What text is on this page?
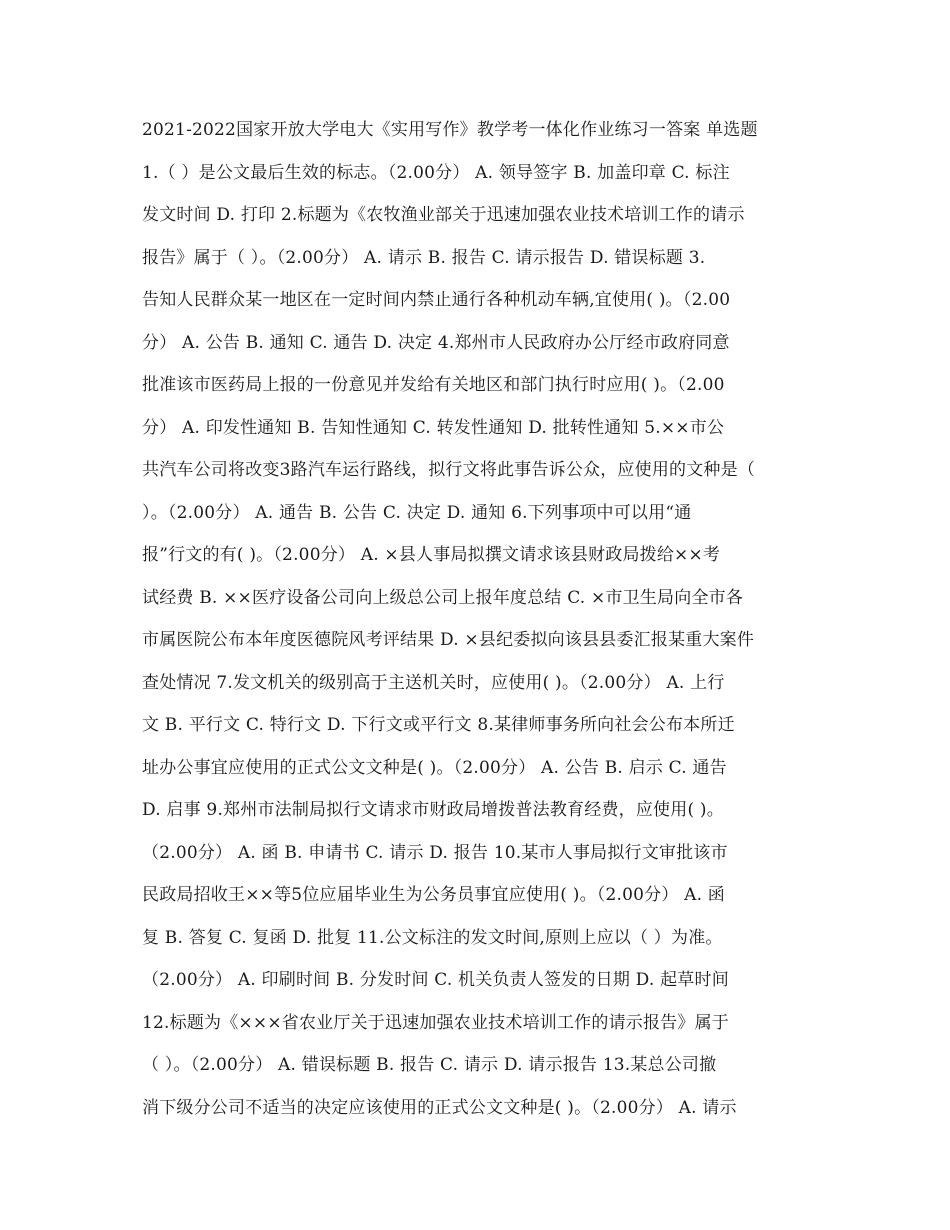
2021-2022国家开放大学电大《实用写作》教学考一体化作业练习一答案 单选题
1.（ ）是公文最后生效的标志。（2.00分） A. 领导签字 B. 加盖印章 C. 标注
发文时间 D. 打印 2.标题为《农牧渔业部关于迅速加强农业技术培训工作的请示
报告》属于（ ）。（2.00分） A. 请示 B. 报告 C. 请示报告 D. 错误标题 3.
告知人民群众某一地区在一定时间内禁止通行各种机动车辆,宜使用( )。（2.00
分） A. 公告 B. 通知 C. 通告 D. 决定 4.郑州市人民政府办公厅经市政府同意
批准该市医药局上报的一份意见并发给有关地区和部门执行时应用( )。（2.00
分） A. 印发性通知 B. 告知性通知 C. 转发性通知 D. 批转性通知 5.××市公
共汽车公司将改变3路汽车运行路线，拟行文将此事告诉公众，应使用的文种是（
）。（2.00分） A. 通告 B. 公告 C. 决定 D. 通知 6.下列事项中可以用“通
报”行文的有( )。（2.00分） A. ×县人事局拟撰文请求该县财政局拨给××考
试经费 B. ××医疗设备公司向上级总公司上报年度总结 C. ×市卫生局向全市各
市属医院公布本年度医德院风考评结果 D. ×县纪委拟向该县县委汇报某重大案件
查处情况 7.发文机关的级别高于主送机关时，应使用( )。（2.00分） A. 上行
文 B. 平行文 C. 特行文 D. 下行文或平行文 8.某律师事务所向社会公布本所迁
址办公事宜应使用的正式公文文种是( )。（2.00分） A. 公告 B. 启示 C. 通告
D. 启事 9.郑州市法制局拟行文请求市财政局增拨普法教育经费，应使用( )。
（2.00分） A. 函 B. 申请书 C. 请示 D. 报告 10.某市人事局拟行文审批该市
民政局招收王××等5位应届毕业生为公务员事宜应使用( )。（2.00分） A. 函
复 B. 答复 C. 复函 D. 批复 11.公文标注的发文时间,原则上应以（ ）为准。
（2.00分） A. 印刷时间 B. 分发时间 C. 机关负责人签发的日期 D. 起草时间
12.标题为《×××省农业厅关于迅速加强农业技术培训工作的请示报告》属于
（ ）。（2.00分） A. 错误标题 B. 报告 C. 请示 D. 请示报告 13.某总公司撤
消下级分公司不适当的决定应该使用的正式公文文种是( )。（2.00分） A. 请示
